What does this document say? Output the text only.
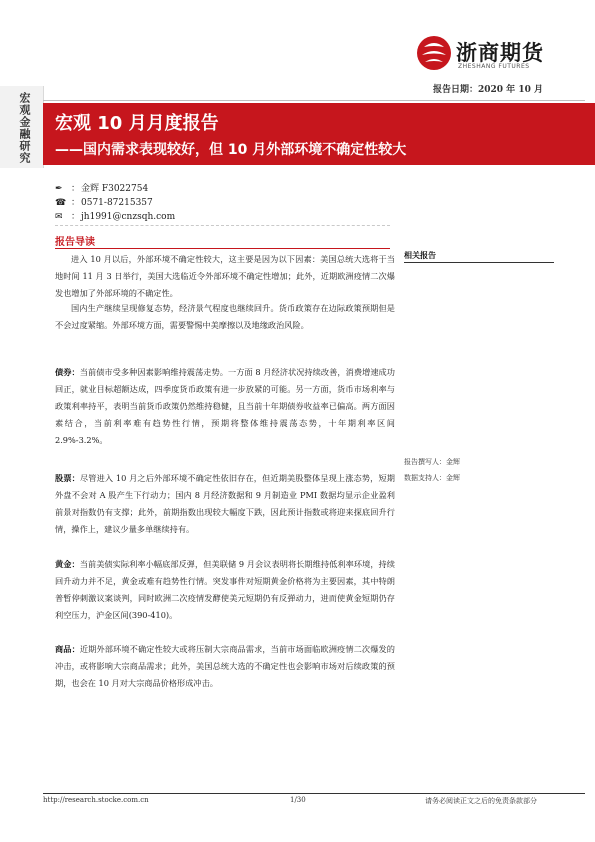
宏观金融研究
浙商期货
ZHESHANG FUTURES
报告日期：2020 年 10 月
宏观 10 月月度报告
——国内需求表现较好，但 10 月外部环境不确定性较大
✒ ：金辉 F3022754
☎ ：0571-87215357
✉ ：jh1991@cnzsqh.com
报告导读
进入 10 月以后，外部环境不确定性较大，这主要是因为以下因素：美国总统大选将于当地时间 11 月 3 日举行，美国大选临近令外部环境不确定性增加；此外，近期欧洲疫情二次爆发也增加了外部环境的不确定性。
国内生产继续呈现修复态势，经济景气程度也继续回升。货币政策存在边际政策预期但是不会过度紧缩。外部环境方面，需要警惕中美摩擦以及地缘政治风险。
债券：当前债市受多种因素影响维持震荡走势。一方面 8 月经济状况持续改善，消费增速成功回正，就业目标超额达成，四季度货币政策有进一步放紧的可能。另一方面，货币市场利率与政策利率持平，表明当前货币政策仍然维持稳健，且当前十年期债券收益率已偏高。两方面因素结合，当前利率难有趋势性行情，预期将整体维持震荡态势，十年期利率区间 2.9%-3.2%。
股票：尽管进入 10 月之后外部环境不确定性依旧存在，但近期美股整体呈现上涨态势，短期外盘不会对 A 股产生下行动力；国内 8 月经济数据和 9 月制造业 PMI 数据均显示企业盈利前景对指数仍有支撑；此外，前期指数出现较大幅度下跌，因此预计指数或将迎来探底回升行情，操作上，建议少量多单继续持有。
黄金：当前美债实际利率小幅底部反弹，但美联储 9 月会议表明将长期维持低利率环境，持续回升动力并不足，黄金或难有趋势性行情。突发事件对短期黄金价格将为主要因素，其中特朗普暂停刺激议案谈判，同时欧洲二次疫情发酵使美元短期仍有反弹动力，进而使黄金短期仍存利空压力，沪金区间(390-410)。
商品：近期外部环境不确定性较大或将压制大宗商品需求，当前市场面临欧洲疫情二次爆发的冲击，或将影响大宗商品需求；此外，美国总统大选的不确定性也会影响市场对后续政策的预期，也会在 10 月对大宗商品价格形成冲击。
相关报告
报告撰写人：金辉
数据支持人：金辉
http://research.stocke.com.cn	1/30	请务必阅读正文之后的免责条款部分
